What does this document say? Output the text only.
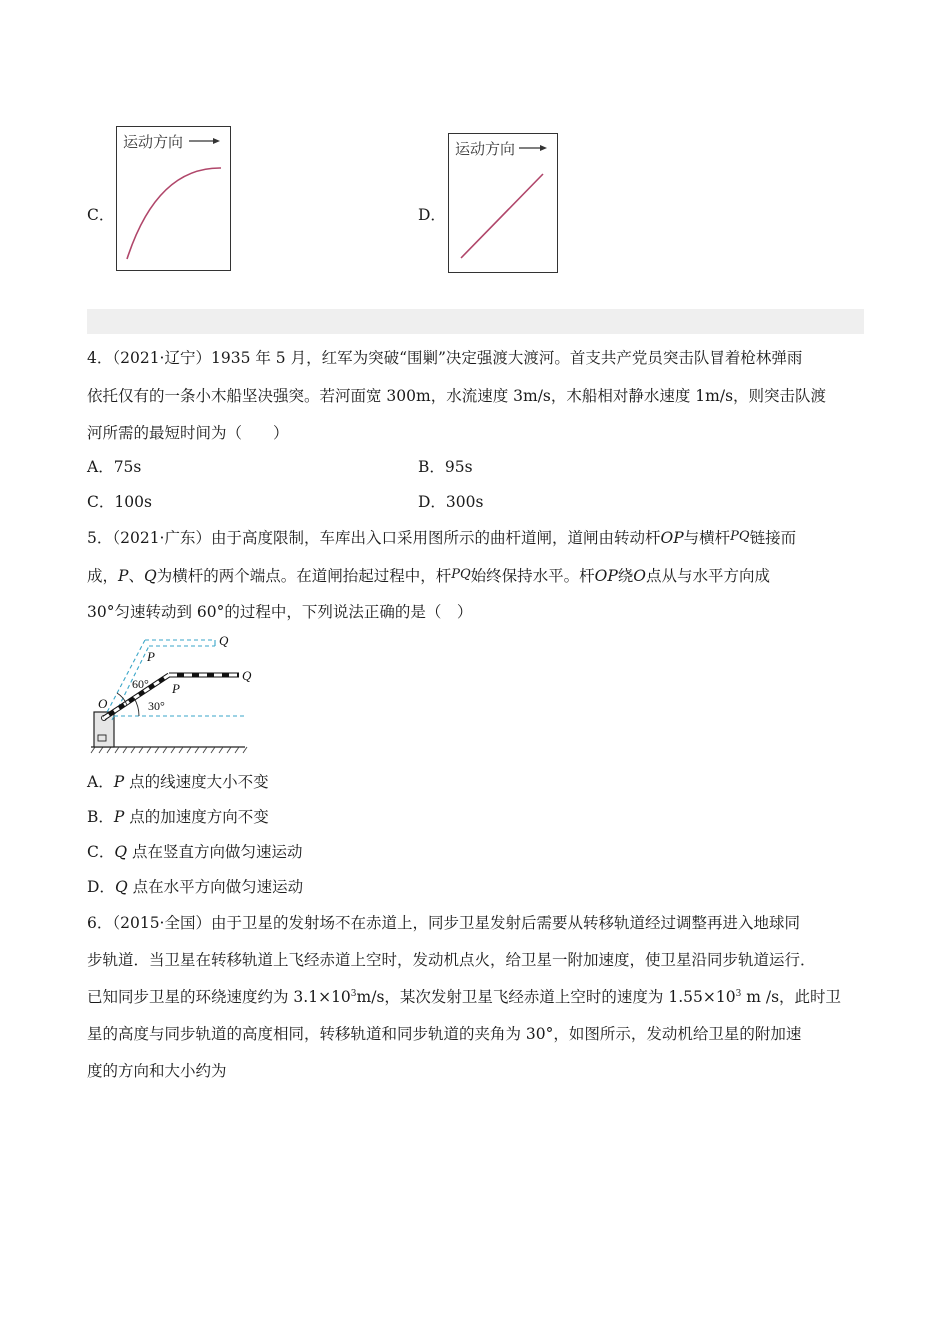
C．
运动方向
D．
运动方向
4．（2021·辽宁）1935 年 5 月，红军为突破“围剿”决定强渡大渡河。首支共产党员突击队冒着枪林弹雨
依托仅有的一条小木船坚决强突。若河面宽 300m，水流速度 3m/s，木船相对静水速度 1m/s，则突击队渡
河所需的最短时间为（　　）
A．75s	B．95s
C．100s	D．300s
5．（2021·广东）由于高度限制，车库出入口采用图所示的曲杆道闸，道闸由转动杆OP与横杆PQ链接而
成，P、Q为横杆的两个端点。在道闸抬起过程中，杆PQ始终保持水平。杆OP绕O点从与水平方向成
30°匀速转动到 60°的过程中，下列说法正确的是（　）
60°
30°
O
P
P
Q
Q
A．P 点的线速度大小不变
B．P 点的加速度方向不变
C．Q 点在竖直方向做匀速运动
D．Q 点在水平方向做匀速运动
6．（2015·全国）由于卫星的发射场不在赤道上，同步卫星发射后需要从转移轨道经过调整再进入地球同
步轨道．当卫星在转移轨道上飞经赤道上空时，发动机点火，给卫星一附加速度，使卫星沿同步轨道运行．
已知同步卫星的环绕速度约为 $3.1\times 10^3m/s$，某次发射卫星飞经赤道上空时的速度为 $1.55\times 10^3$ m /s，此时卫
星的高度与同步轨道的高度相同，转移轨道和同步轨道的夹角为 30°，如图所示，发动机给卫星的附加速
度的方向和大小约为
